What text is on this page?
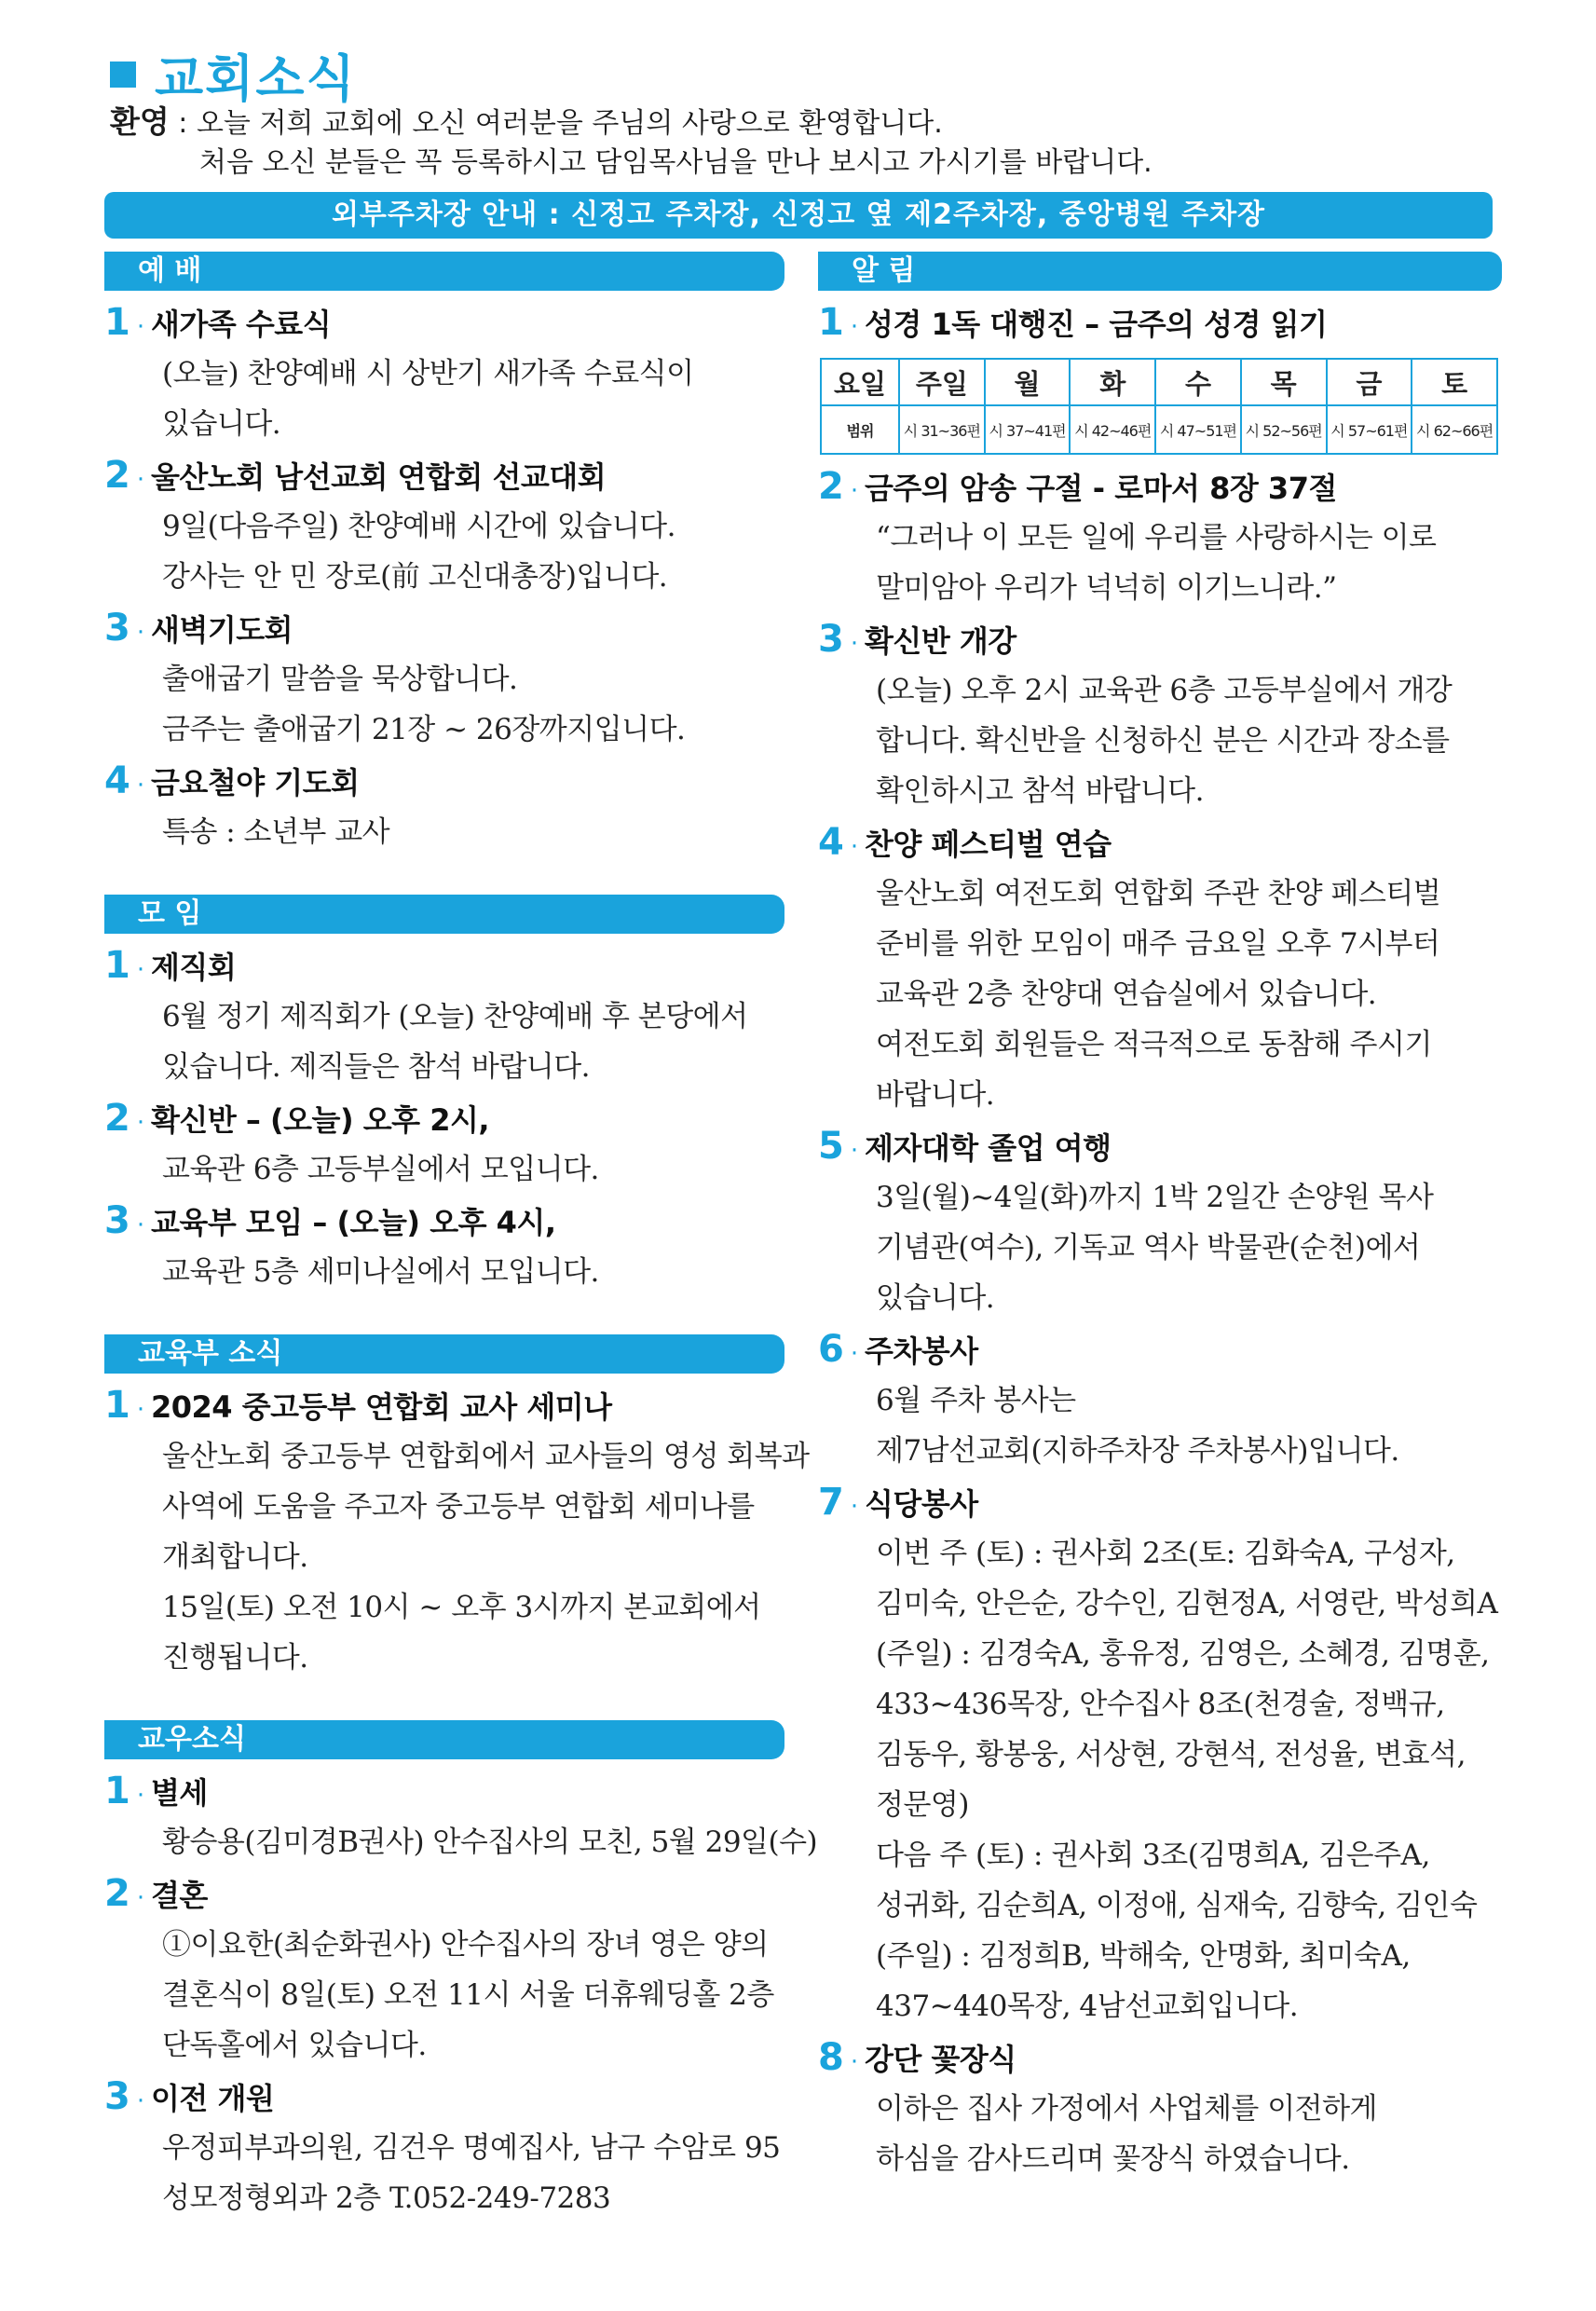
교회소식
환영 : 오늘 저희 교회에 오신 여러분을 주님의 사랑으로 환영합니다.
처음 오신 분들은 꼭 등록하시고 담임목사님을 만나 보시고 가시기를 바랍니다.
외부주차장 안내 : 신정고 주차장, 신정고 옆 제2주차장, 중앙병원 주차장
예 배
1 · 새가족 수료식

(오늘) 찬양예배 시 상반기 새가족 수료식이

있습니다.

2 · 울산노회 남선교회 연합회 선교대회

9일(다음주일) 찬양예배 시간에 있습니다.

강사는 안 민 장로(前 고신대총장)입니다.

3 · 새벽기도회

출애굽기 말씀을 묵상합니다.

금주는 출애굽기 21장 ~ 26장까지입니다.

4 · 금요철야 기도회

특송 : 소년부 교사

모 임
1 · 제직회

6월 정기 제직회가 (오늘) 찬양예배 후 본당에서

있습니다. 제직들은 참석 바랍니다.

2 · 확신반 – (오늘) 오후 2시,

교육관 6층 고등부실에서 모입니다.

3 · 교육부 모임 – (오늘) 오후 4시,

교육관 5층 세미나실에서 모입니다.

교육부 소식
1 · 2024 중고등부 연합회 교사 세미나

울산노회 중고등부 연합회에서 교사들의 영성 회복과

사역에 도움을 주고자 중고등부 연합회 세미나를

개최합니다.

15일(토) 오전 10시 ~ 오후 3시까지 본교회에서

진행됩니다.

교우소식
1 · 별세

황승용(김미경B권사) 안수집사의 모친, 5월 29일(수)

2 · 결혼

①이요한(최순화권사) 안수집사의 장녀 영은 양의

결혼식이 8일(토) 오전 11시 서울 더휴웨딩홀 2층

단독홀에서 있습니다.

3 · 이전 개원

우정피부과의원, 김건우 명예집사, 남구 수암로 95

성모정형외과 2층 T.052-249-7283

알 림
1 · 성경 1독 대행진 – 금주의 성경 읽기
요일	주일	월	화	수	목	금	토
범위	시 31~36편	시 37~41편	시 42~46편	시 47~51편	시 52~56편	시 57~61편	시 62~66편
2 · 금주의 암송 구절 - 로마서 8장 37절

“그러나 이 모든 일에 우리를 사랑하시는 이로

말미암아 우리가 넉넉히 이기느니라.”

3 · 확신반 개강

(오늘) 오후 2시 교육관 6층 고등부실에서 개강

합니다. 확신반을 신청하신 분은 시간과 장소를

확인하시고 참석 바랍니다.

4 · 찬양 페스티벌 연습

울산노회 여전도회 연합회 주관 찬양 페스티벌

준비를 위한 모임이 매주 금요일 오후 7시부터

교육관 2층 찬양대 연습실에서 있습니다.

여전도회 회원들은 적극적으로 동참해 주시기

바랍니다.

5 · 제자대학 졸업 여행

3일(월)~4일(화)까지 1박 2일간 손양원 목사

기념관(여수), 기독교 역사 박물관(순천)에서

있습니다.

6 · 주차봉사

6월 주차 봉사는

제7남선교회(지하주차장 주차봉사)입니다.

7 · 식당봉사

이번 주 (토) : 권사회 2조(토: 김화숙A, 구성자,

김미숙, 안은순, 강수인, 김현정A, 서영란, 박성희A

(주일) : 김경숙A, 홍유정, 김영은, 소혜경, 김명훈,

433~436목장, 안수집사 8조(천경술, 정백규,

김동우, 황봉웅, 서상현, 강현석, 전성율, 변효석,

정문영)

다음 주 (토) : 권사회 3조(김명희A, 김은주A,

성귀화, 김순희A, 이정애, 심재숙, 김향숙, 김인숙

(주일) : 김정희B, 박해숙, 안명화, 최미숙A,

437~440목장, 4남선교회입니다.

8 · 강단 꽃장식

이하은 집사 가정에서 사업체를 이전하게

하심을 감사드리며 꽃장식 하였습니다.
